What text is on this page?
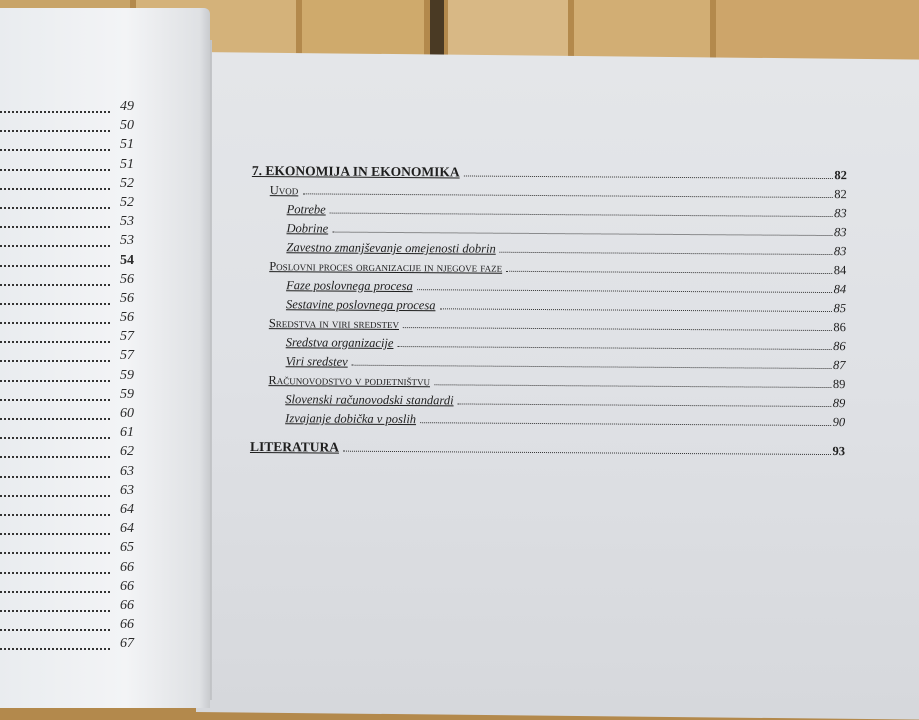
49
50
51
51
52
52
53
53
54
56
56
56
57
57
59
59
60
61
62
63
63
64
64
65
66
66
66
66
67
7. EKONOMIJA IN EKONOMIKA	82
Uvod	82
Potrebe	83
Dobrine	83
Zavestno zmanjševanje omejenosti dobrin	83
Poslovni proces organizacije in njegove faze	84
Faze poslovnega procesa	84
Sestavine poslovnega procesa	85
Sredstva in viri sredstev	86
Sredstva organizacije	86
Viri sredstev	87
Računovodstvo v podjetništvu	89
Slovenski računovodski standardi	89
Izvajanje dobička v poslih	90
LITERATURA	93
